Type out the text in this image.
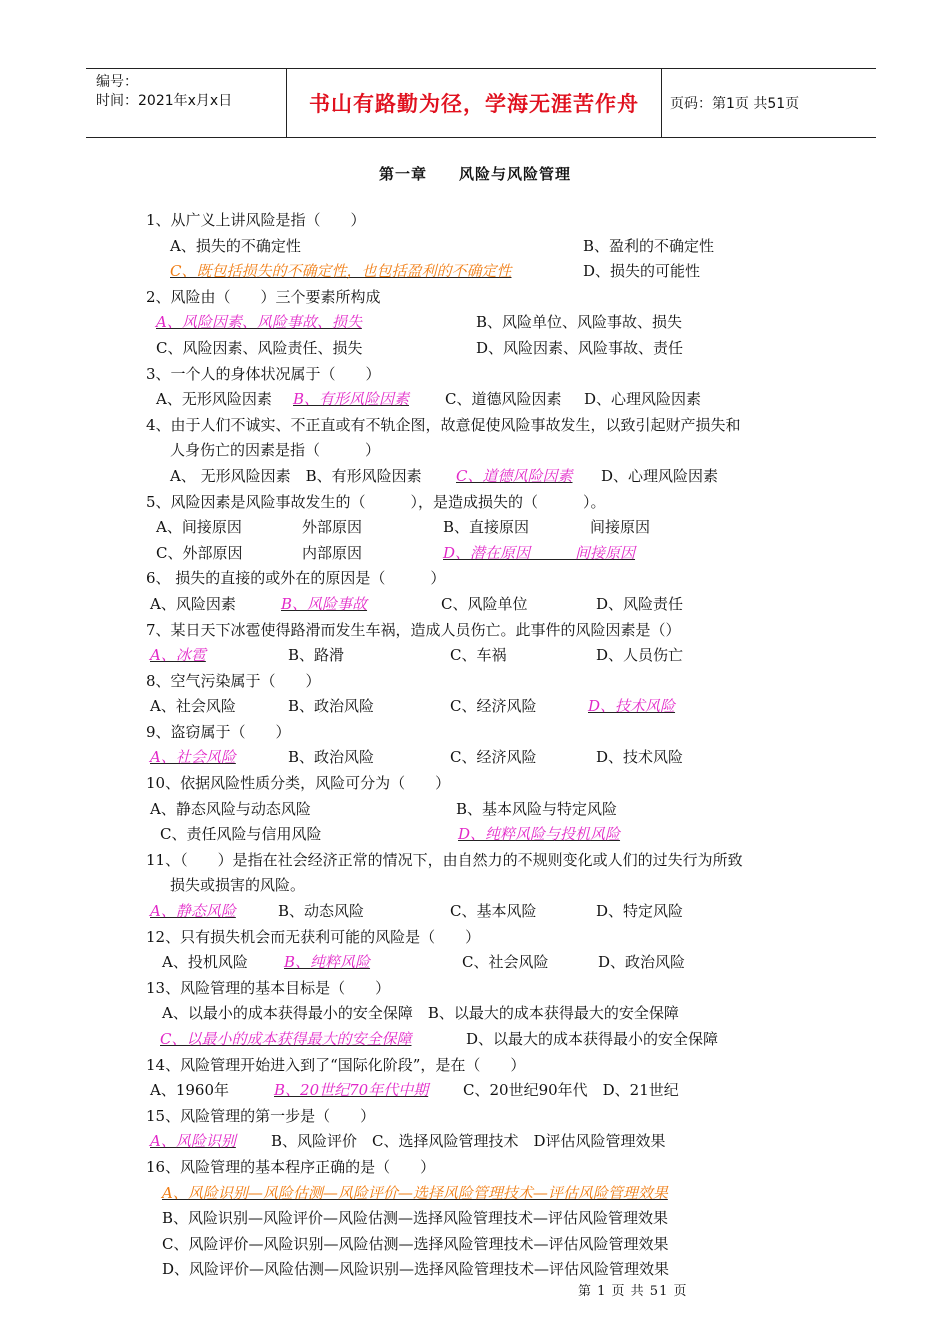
编号：
时间：2021年x月x日	书山有路勤为径，学海无涯苦作舟	页码：第1页 共51页
第一章 风险与风险管理
1、从广义上讲风险是指（　　）
A、损失的不确定性	B、盈利的不确定性
C、既包括损失的不确定性，也包括盈利的不确定性	D、损失的可能性
2、风险由（　　）三个要素所构成
A、风险因素、风险事故、损失	B、风险单位、风险事故、损失
C、风险因素、风险责任、损失	D、风险因素、风险事故、责任
3、一个人的身体状况属于（　　）
A、无形风险因素 B、有形风险因素 C、道德风险因素 D、心理风险因素
4、由于人们不诚实、不正直或有不轨企图，故意促使风险事故发生，以致引起财产损失和
人身伤亡的因素是指（　　　）
A、 无形风险因素　B、有形风险因素 C、道德风险因素 D、心理风险因素
5、风险因素是风险事故发生的（　　　），是造成损失的（　　　）。
A、间接原因	外部原因	B、直接原因	间接原因
C、外部原因	内部原因	D、潜在原因　　　间接原因
6、 损失的直接的或外在的原因是（　　　）
A、风险因素	B、风险事故	C、风险单位	D、风险责任
7、某日天下冰雹使得路滑而发生车祸，造成人员伤亡。此事件的风险因素是（）
A、冰雹	B、路滑	C、车祸	D、人员伤亡
8、空气污染属于（　　）
A、社会风险	B、政治风险	C、经济风险	D、技术风险
9、盗窃属于（　　）
A、社会风险	B、政治风险	C、经济风险	D、技术风险
10、依据风险性质分类，风险可分为（　　）
A、静态风险与动态风险	B、基本风险与特定风险
C、责任风险与信用风险	D、纯粹风险与投机风险
11、（　　）是指在社会经济正常的情况下，由自然力的不规则变化或人们的过失行为所致
损失或损害的风险。
A、静态风险	B、动态风险	C、基本风险	D、特定风险
12、只有损失机会而无获利可能的风险是（　　）
A、投机风险 B、纯粹风险	C、社会风险	D、政治风险
13、风险管理的基本目标是（　　）
A、以最小的成本获得最小的安全保障　B、以最大的成本获得最大的安全保障
C、以最小的成本获得最大的安全保障	D、以最大的成本获得最小的安全保障
14、风险管理开始进入到了“国际化阶段”，是在（　　）
A、1960年	B、20世纪70年代中期 C、20世纪90年代　D、21世纪
15、风险管理的第一步是（　　）
A、风险识别 B、风险评价　C、选择风险管理技术　D评估风险管理效果
16、风险管理的基本程序正确的是（　　）
A、风险识别—风险估测—风险评价—选择风险管理技术—评估风险管理效果
B、风险识别—风险评价—风险估测—选择风险管理技术—评估风险管理效果
C、风险评价—风险识别—风险估测—选择风险管理技术—评估风险管理效果
D、风险评价—风险估测—风险识别—选择风险管理技术—评估风险管理效果
第 1 页 共 51 页
